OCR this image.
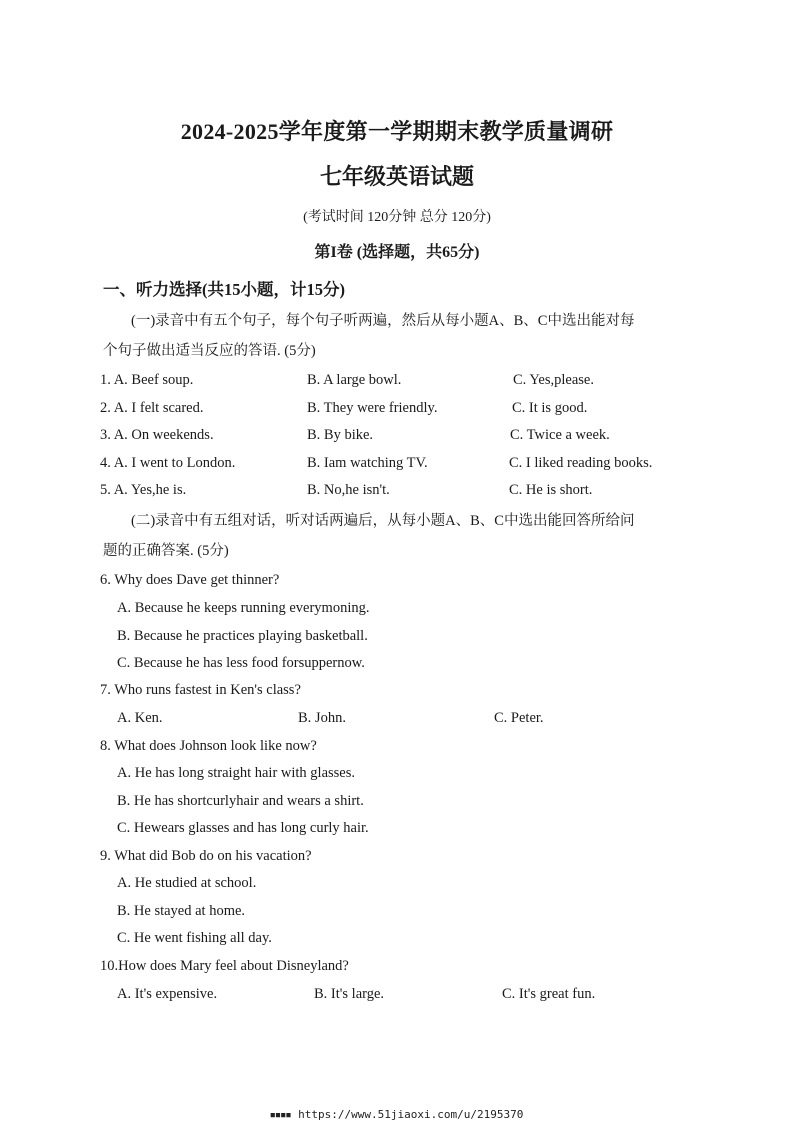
2024-2025学年度第一学期期末教学质量调研
七年级英语试题
(考试时间 120分钟 总分 120分)
第I卷 (选择题，共65分)
一、听力选择(共15小题，计15分)
(一)录音中有五个句子，每个句子听两遍，然后从每小题A、B、C中选出能对每
个句子做出适当反应的答语. (5分)
1. A. Beef soup.	B. A large bowl.	C. Yes,please.
2. A. I felt scared.	B. They were friendly.	C. It is good.
3. A. On weekends.	B. By bike.	C. Twice a week.
4. A. I went to London.	B. Iam watching TV.	C. I liked reading books.
5. A. Yes,he is.	B. No,he isn't.	C. He is short.
(二)录音中有五组对话，听对话两遍后，从每小题A、B、C中选出能回答所给问
题的正确答案. (5分)
6. Why does Dave get thinner?
A. Because he keeps running everymoning.
B. Because he practices playing basketball.
C. Because he has less food forsuppernow.
7. Who runs fastest in Ken's class?
A. Ken.	B. John.	C. Peter.
8. What does Johnson look like now?
A. He has long straight hair with glasses.
B. He has shortcurlyhair and wears a shirt.
C. Hewears glasses and has long curly hair.
9. What did Bob do on his vacation?
A. He studied at school.
B. He stayed at home.
C. He went fishing all day.
10.How does Mary feel about Disneyland?
A. It's expensive.	B. It's large.	C. It's great fun.
■■■■ https://www.51jiaoxi.com/u/2195370
